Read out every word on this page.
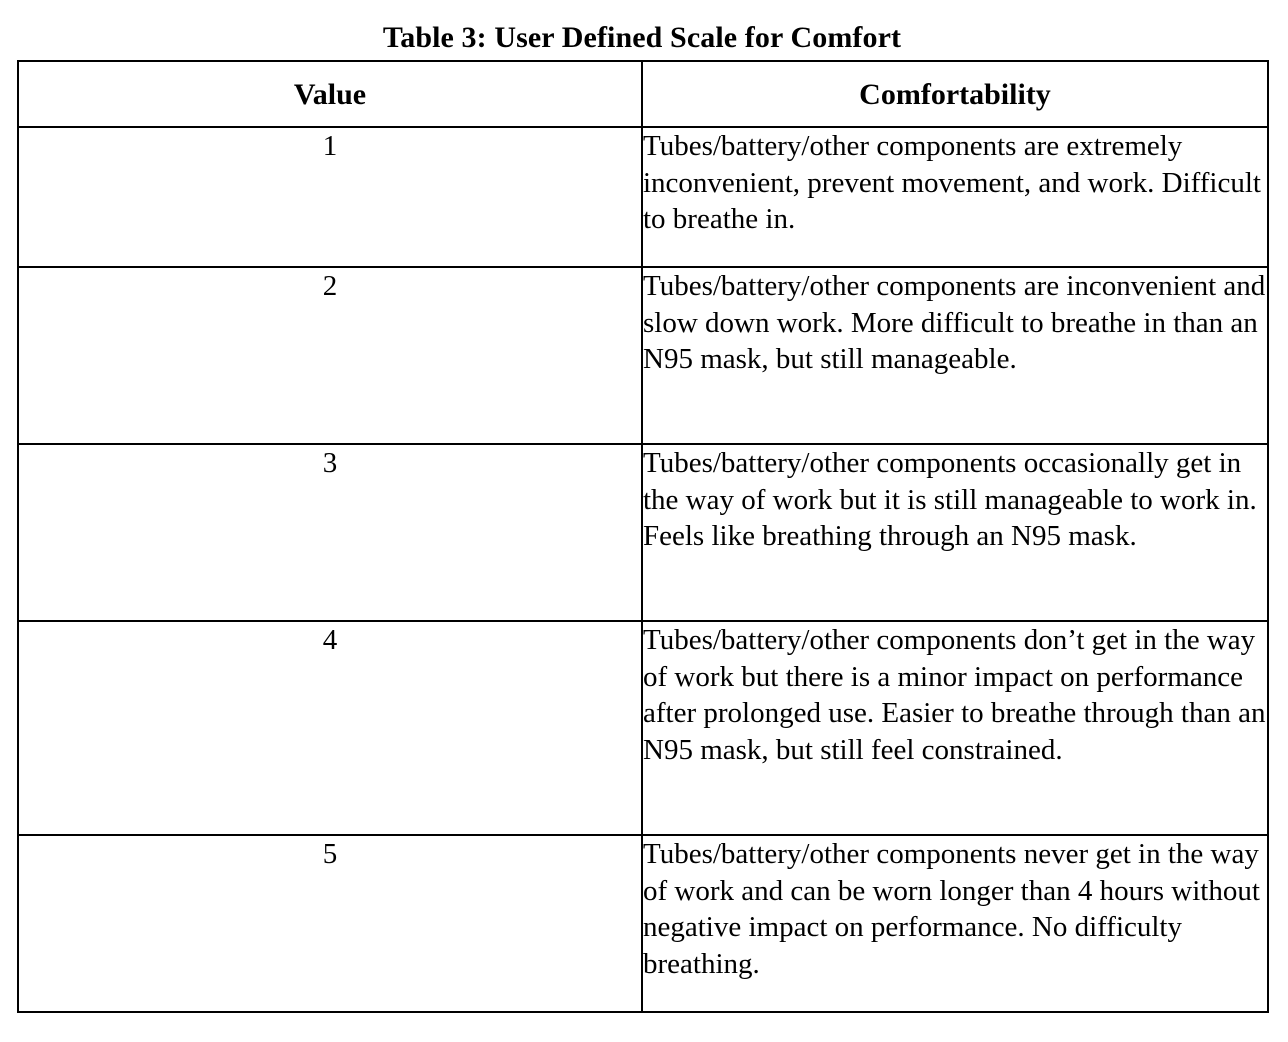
Table 3: User Defined Scale for Comfort
Value	Comfortability
1	Tubes/battery/other components are extremely inconvenient, prevent movement, and work. Difficult to breathe in.
2	Tubes/battery/other components are inconvenient and slow down work. More difficult to breathe in than an N95 mask, but still manageable.
3	Tubes/battery/other components occasionally get in the way of work but it is still manageable to work in. Feels like breathing through an N95 mask.
4	Tubes/battery/other components don’t get in the way of work but there is a minor impact on performance after prolonged use. Easier to breathe through than an N95 mask, but still feel constrained.
5	Tubes/battery/other components never get in the way of work and can be worn longer than 4 hours without negative impact on performance. No difficulty breathing.
